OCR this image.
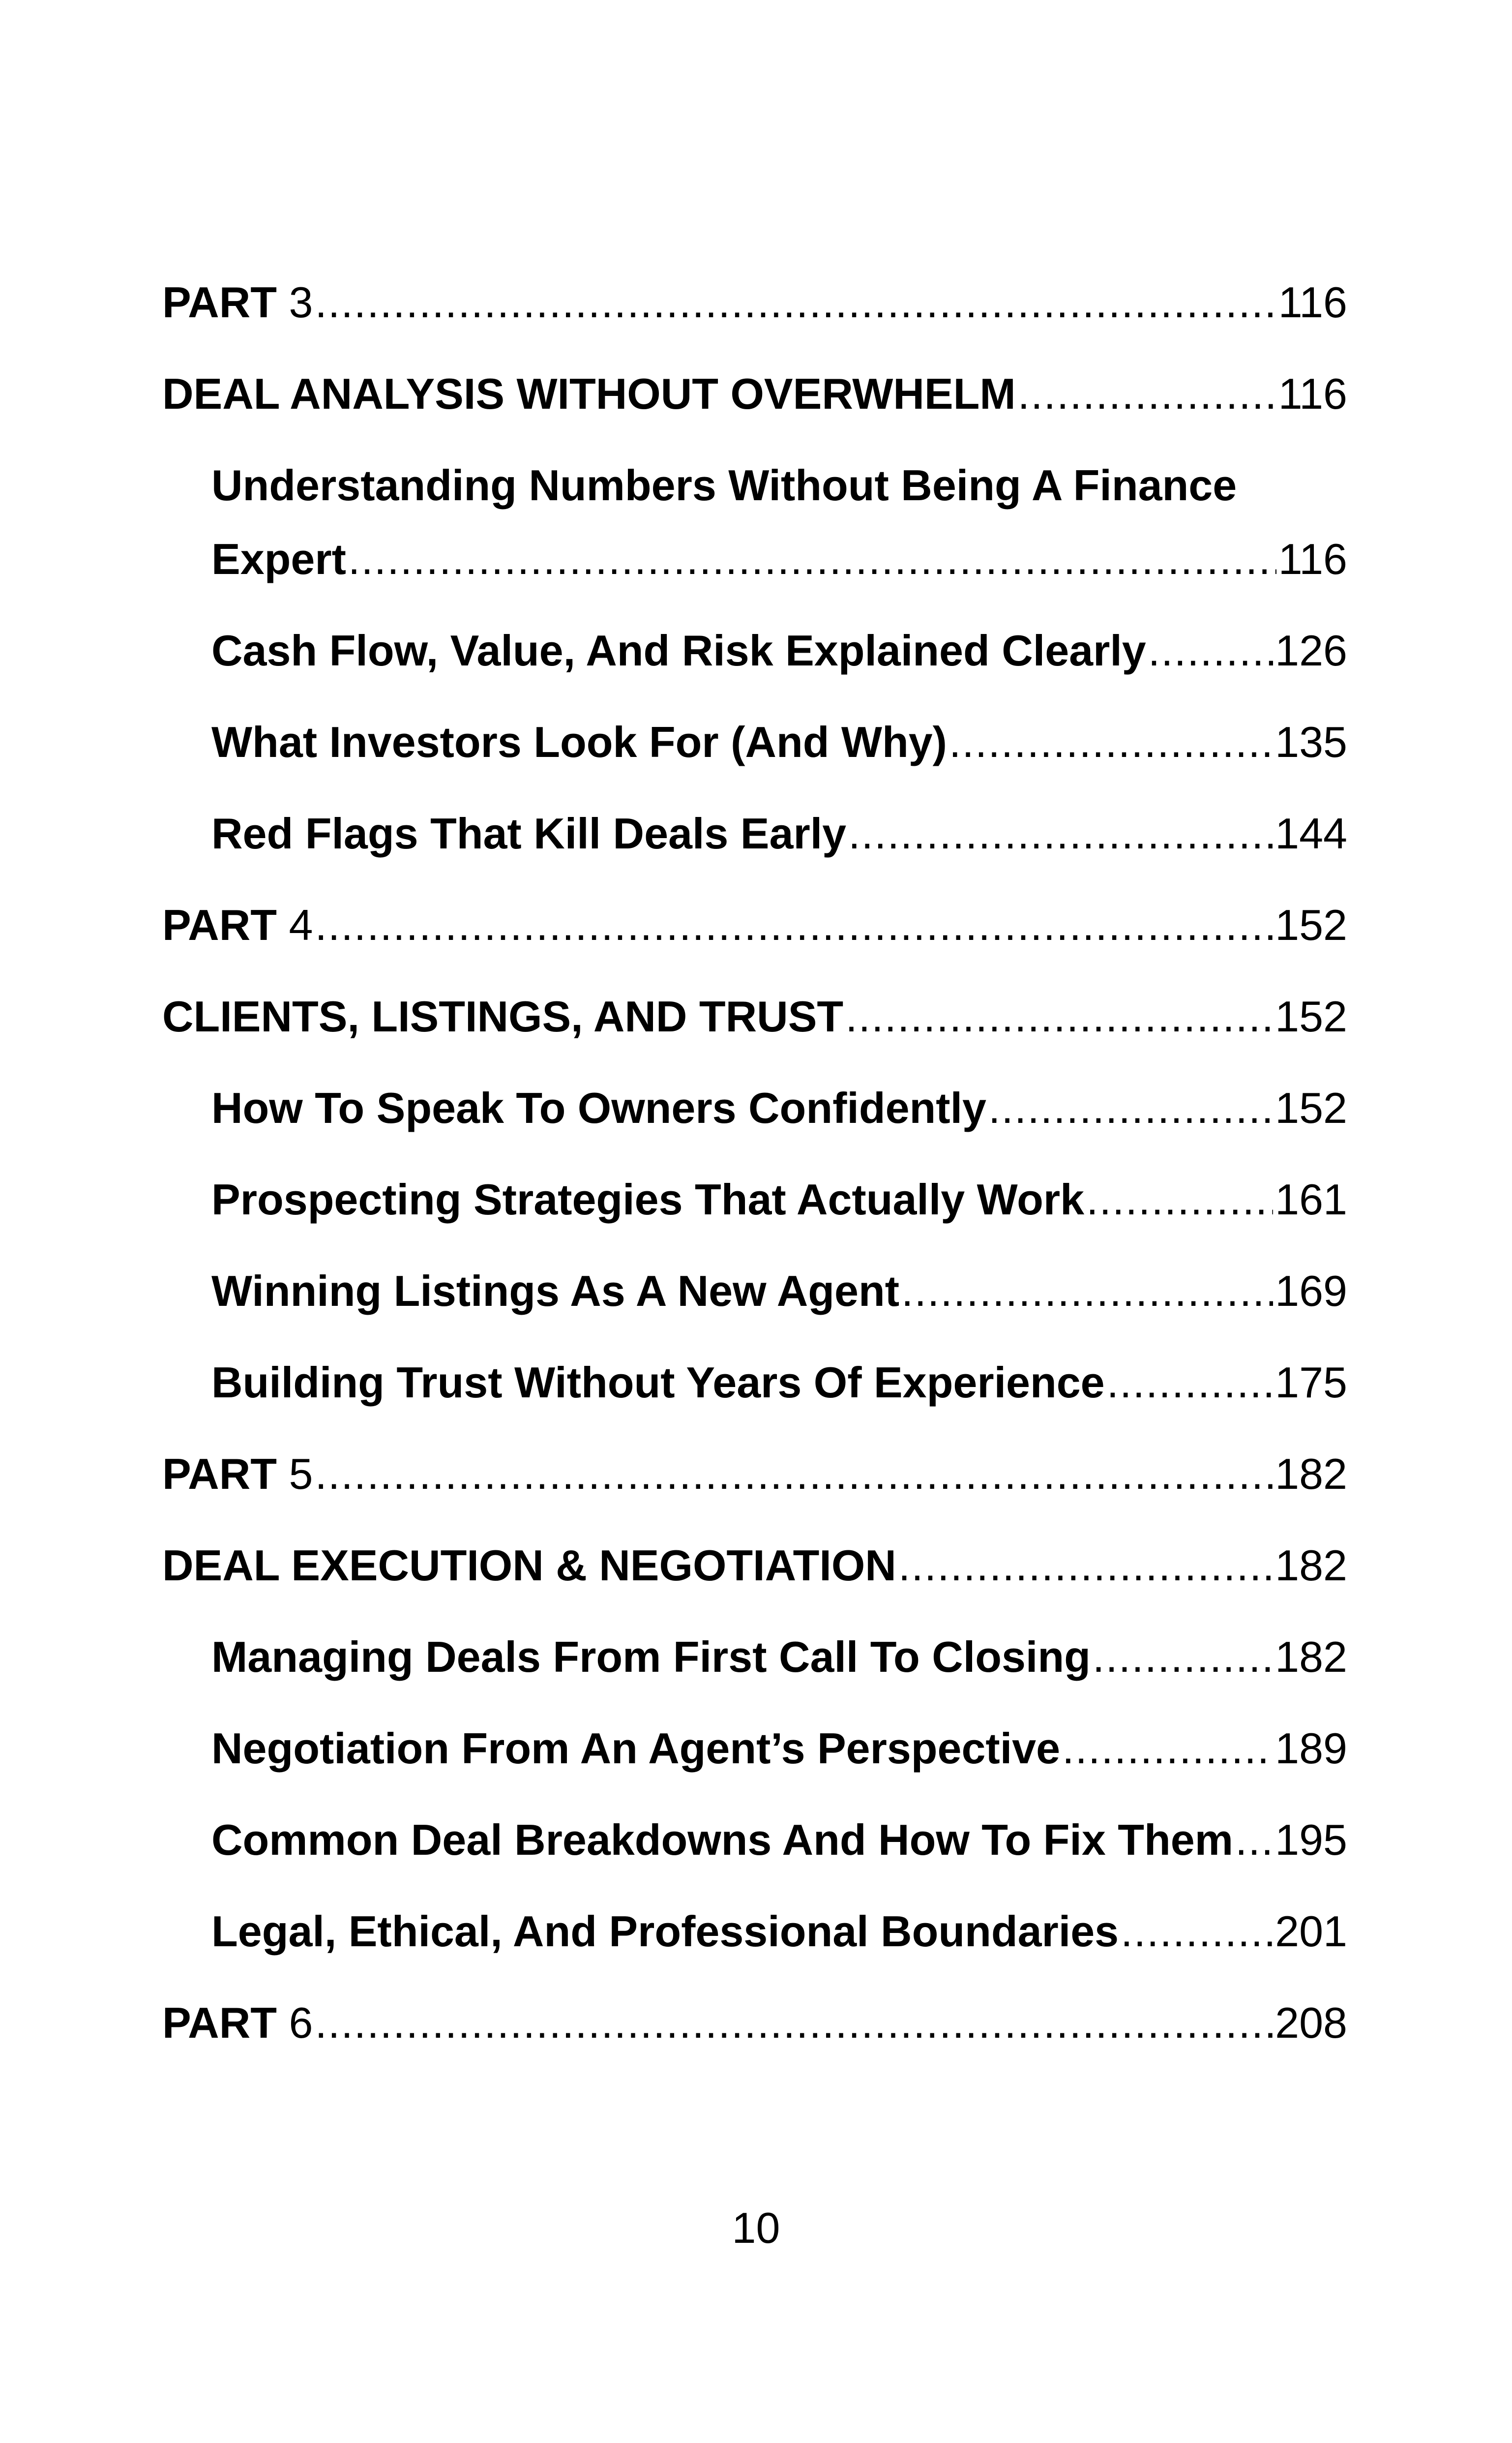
PART 3 .....	116
DEAL ANALYSIS WITHOUT OVERWHELM .....	116
Understanding Numbers Without Being A Finance
Expert .....	116
Cash Flow, Value, And Risk Explained Clearly .....	126
What Investors Look For (And Why) .....	135
Red Flags That Kill Deals Early .....	144
PART 4 .....	152
CLIENTS, LISTINGS, AND TRUST .....	152
How To Speak To Owners Confidently .....	152
Prospecting Strategies That Actually Work .....	161
Winning Listings As A New Agent .....	169
Building Trust Without Years Of Experience .....	175
PART 5 .....	182
DEAL EXECUTION & NEGOTIATION .....	182
Managing Deals From First Call To Closing .....	182
Negotiation From An Agent’s Perspective .....	189
Common Deal Breakdowns And How To Fix Them ..... 195
Legal, Ethical, And Professional Boundaries .....	201
PART 6 .....	208
10
